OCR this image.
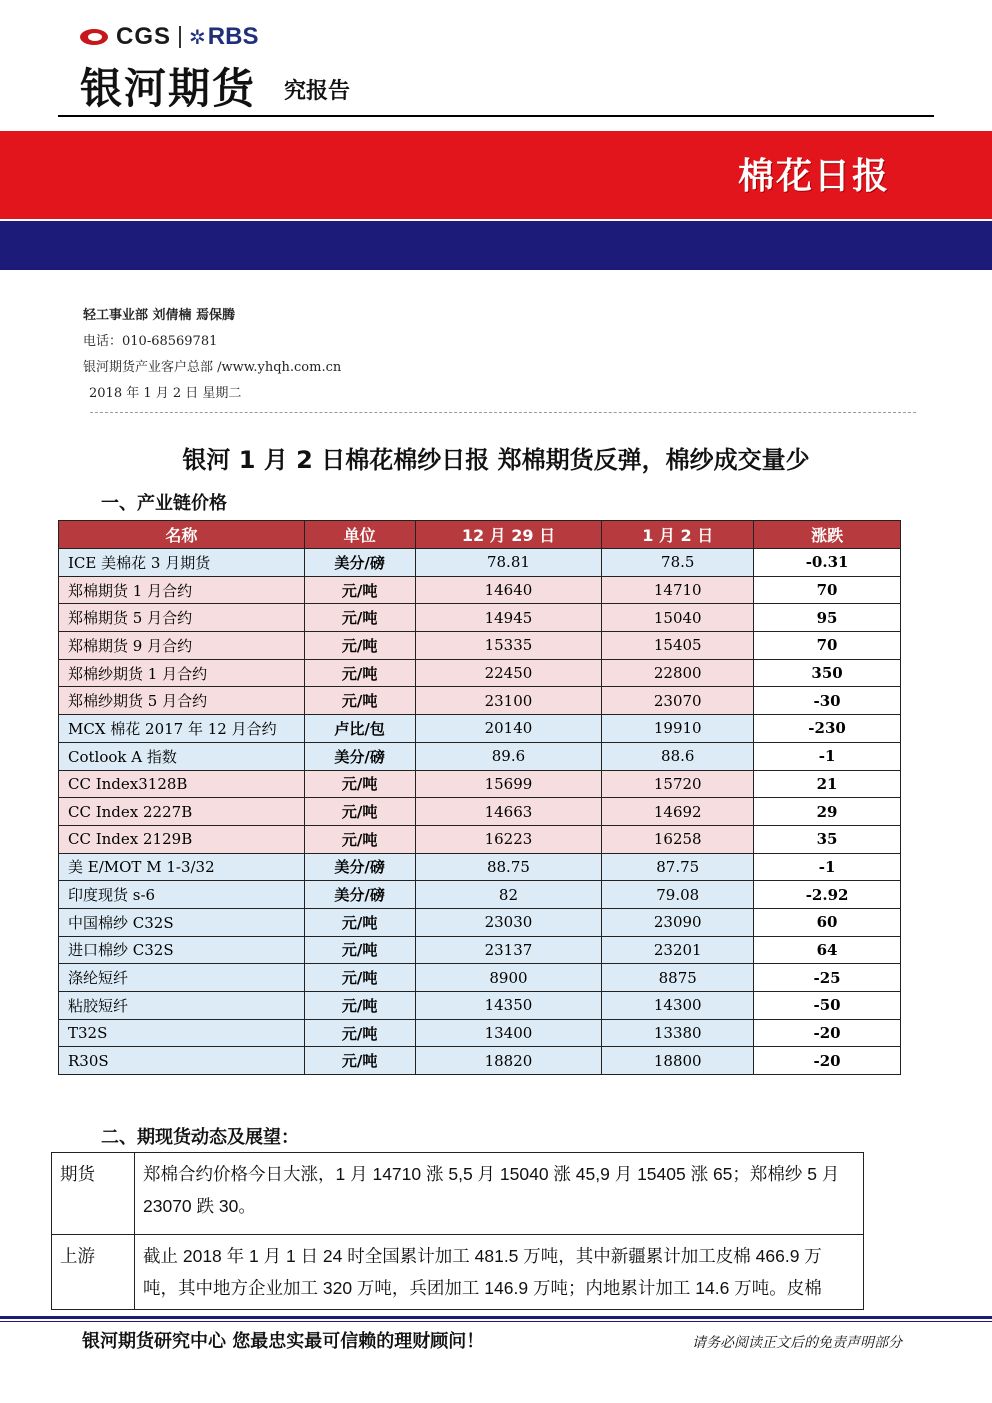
CGS ✲ RBS
银河期货 究报告
棉花日报
轻工事业部 刘倩楠 焉保腾
电话：010-68569781
银河期货产业客户总部 /www.yhqh.com.cn
2018 年 1 月 2 日 星期二
银河 1 月 2 日棉花棉纱日报 郑棉期货反弹，棉纱成交量少
一、产业链价格
名称	单位	12 月 29 日	1 月 2 日	涨跌
ICE 美棉花 3 月期货	美分/磅	78.81	78.5	-0.31
郑棉期货 1 月合约	元/吨	14640	14710	70
郑棉期货 5 月合约	元/吨	14945	15040	95
郑棉期货 9 月合约	元/吨	15335	15405	70
郑棉纱期货 1 月合约	元/吨	22450	22800	350
郑棉纱期货 5 月合约	元/吨	23100	23070	-30
MCX 棉花 2017 年 12 月合约	卢比/包	20140	19910	-230
Cotlook A 指数	美分/磅	89.6	88.6	-1
CC Index3128B	元/吨	15699	15720	21
CC Index 2227B	元/吨	14663	14692	29
CC Index 2129B	元/吨	16223	16258	35
美 E/MOT M 1-3/32	美分/磅	88.75	87.75	-1
印度现货 s-6	美分/磅	82	79.08	-2.92
中国棉纱 C32S	元/吨	23030	23090	60
进口棉纱 C32S	元/吨	23137	23201	64
涤纶短纤	元/吨	8900	8875	-25
粘胶短纤	元/吨	14350	14300	-50
T32S	元/吨	13400	13380	-20
R30S	元/吨	18820	18800	-20
二、期现货动态及展望：
期货	郑棉合约价格今日大涨，1 月 14710 涨 5,5 月 15040 涨 45,9 月 15405 涨 65；郑棉纱 5 月 23070 跌 30。
上游	截止 2018 年 1 月 1 日 24 时全国累计加工 481.5 万吨，其中新疆累计加工皮棉 466.9 万吨，其中地方企业加工 320 万吨，兵团加工 146.9 万吨；内地累计加工 14.6 万吨。皮棉
银河期货研究中心 您最忠实最可信赖的理财顾问！	请务必阅读正文后的免责声明部分
